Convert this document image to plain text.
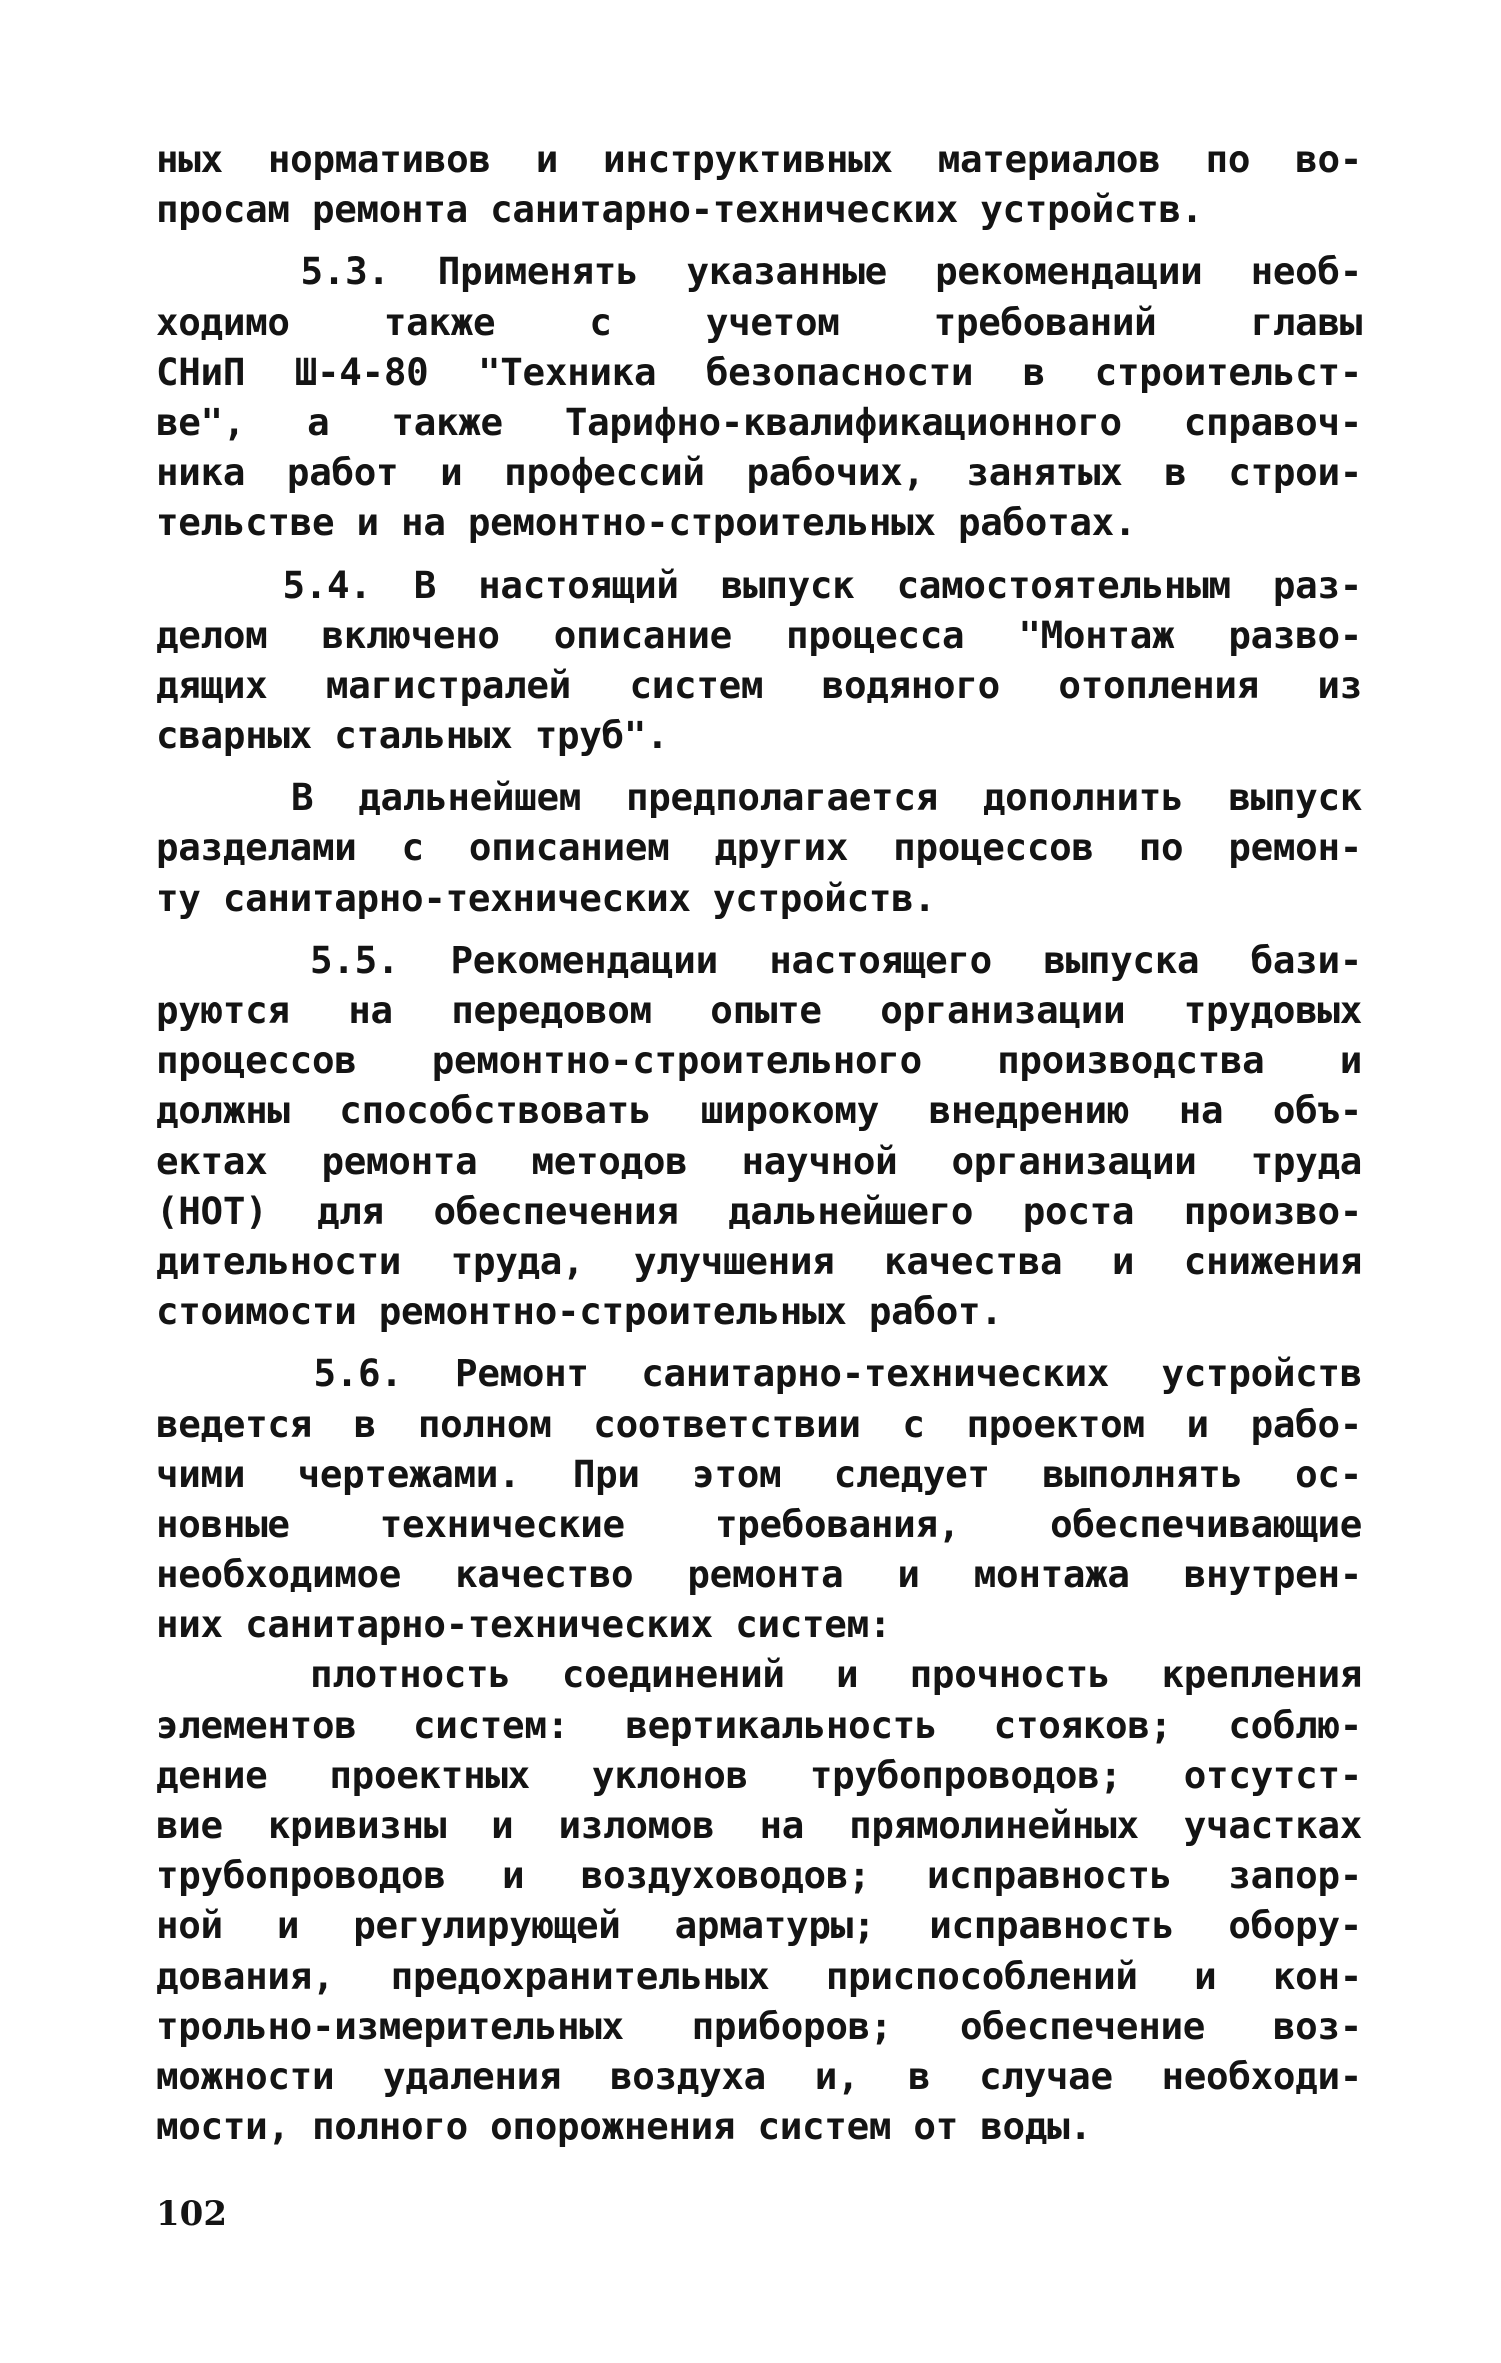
ных нормативов и инструктивных материалов по во-
просам ремонта санитарно-технических устройств.
5.3. Применять указанные рекомендации необ-
ходимо также с учетом требований главы
СНиП Ш-4-80 "Техника безопасности в строительст-
ве", а также Тарифно-квалификационного справоч-
ника работ и профессий рабочих, занятых в строи-
тельстве и на ремонтно-строительных работах.
5.4. В настоящий выпуск самостоятельным раз-
делом включено описание процесса "Монтаж разво-
дящих магистралей систем водяного отопления из
сварных стальных труб".
В дальнейшем предполагается дополнить выпуск
разделами с описанием других процессов по ремон-
ту санитарно-технических устройств.
5.5. Рекомендации настоящего выпуска бази-
руются на передовом опыте организации трудовых
процессов ремонтно-строительного производства и
должны способствовать широкому внедрению на объ-
ектах ремонта методов научной организации труда
(НОТ) для обеспечения дальнейшего роста произво-
дительности труда, улучшения качества и снижения
стоимости ремонтно-строительных работ.
5.6. Ремонт санитарно-технических устройств
ведется в полном соответствии с проектом и рабо-
чими чертежами. При этом следует выполнять ос-
новные технические требования, обеспечивающие
необходимое качество ремонта и монтажа внутрен-
них санитарно-технических систем:
плотность соединений и прочность крепления
элементов систем: вертикальность стояков; соблю-
дение проектных уклонов трубопроводов; отсутст-
вие кривизны и изломов на прямолинейных участках
трубопроводов и воздуховодов; исправность запор-
ной и регулирующей арматуры; исправность обору-
дования, предохранительных приспособлений и кон-
трольно-измерительных приборов; обеспечение воз-
можности удаления воздуха и, в случае необходи-
мости, полного опорожнения систем от воды.
102
